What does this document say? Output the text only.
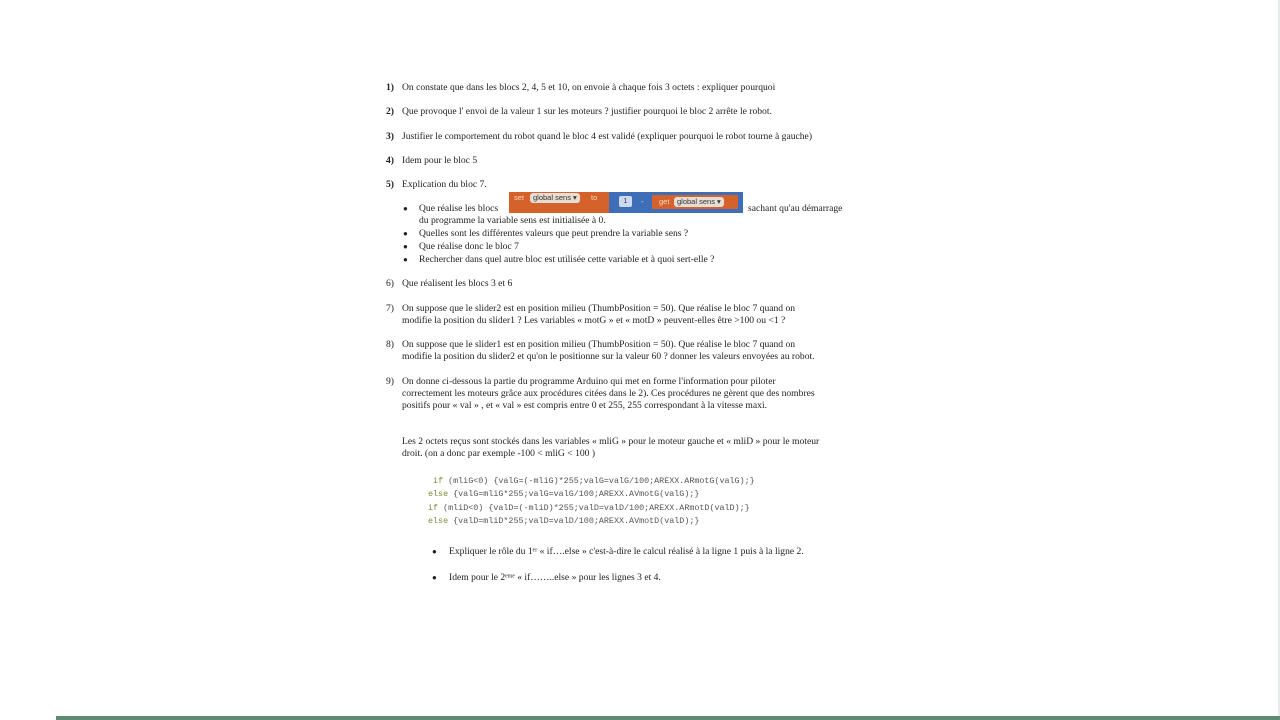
1) On constate que dans les blocs 2, 4, 5 et 10, on envoie à chaque fois 3 octets : expliquer pourquoi
2) Que provoque l' envoi de la valeur 1 sur les moteurs ? justifier pourquoi le bloc 2 arrête le robot.
3) Justifier le comportement du robot quand le bloc 4 est validé (expliquer pourquoi le robot tourne à gauche)
4) Idem pour le bloc 5
5) Explication du bloc 7.
● Que réalise les blocs
set	global sens ▾	to	1	- get	global sens ▾
sachant qu'au démarrage
du programme la variable sens est initialisée à 0.
● Quelles sont les différentes valeurs que peut prendre la variable sens ?
● Que réalise donc le bloc 7
● Rechercher dans quel autre bloc est utilisée cette variable et à quoi sert-elle ?
6) Que réalisent les blocs 3 et 6
7) On suppose que le slider2 est en position milieu (ThumbPosition = 50). Que réalise le bloc 7 quand on
modifie la position du slider1 ? Les variables « motG » et « motD » peuvent-elles être >100 ou <1 ?
8) On suppose que le slider1 est en position milieu (ThumbPosition = 50). Que réalise le bloc 7 quand on
modifie la position du slider2 et qu'on le positionne sur la valeur 60 ? donner les valeurs envoyées au robot.
9) On donne ci-dessous la partie du programme Arduino qui met en forme l'information pour piloter
correctement les moteurs grâce aux procédures citées dans le 2). Ces procédures ne gèrent que des nombres
positifs pour « val » , et « val » est compris entre 0 et 255, 255 correspondant à la vitesse maxi.
Les 2 octets reçus sont stockés dans les variables « mliG » pour le moteur gauche et « mliD » pour le moteur
droit. (on a donc par exemple -100 < mliG < 100 )
if (mliG<0) {valG=(-mliG)*255;valG=valG/100;AREXX.ARmotG(valG);}
else {valG=mliG*255;valG=valG/100;AREXX.AVmotG(valG);}
if (mliD<0) {valD=(-mliD)*255;valD=valD/100;AREXX.ARmotD(valD);}
else {valD=mliD*255;valD=valD/100;AREXX.AVmotD(valD);}
● Expliquer le rôle du 1ᵉʳ « if….else » c'est-à-dire le calcul réalisé à la ligne 1 puis à la ligne 2.
● Idem pour le 2ᵉᵐᵉ « if……..else » pour les lignes 3 et 4.
